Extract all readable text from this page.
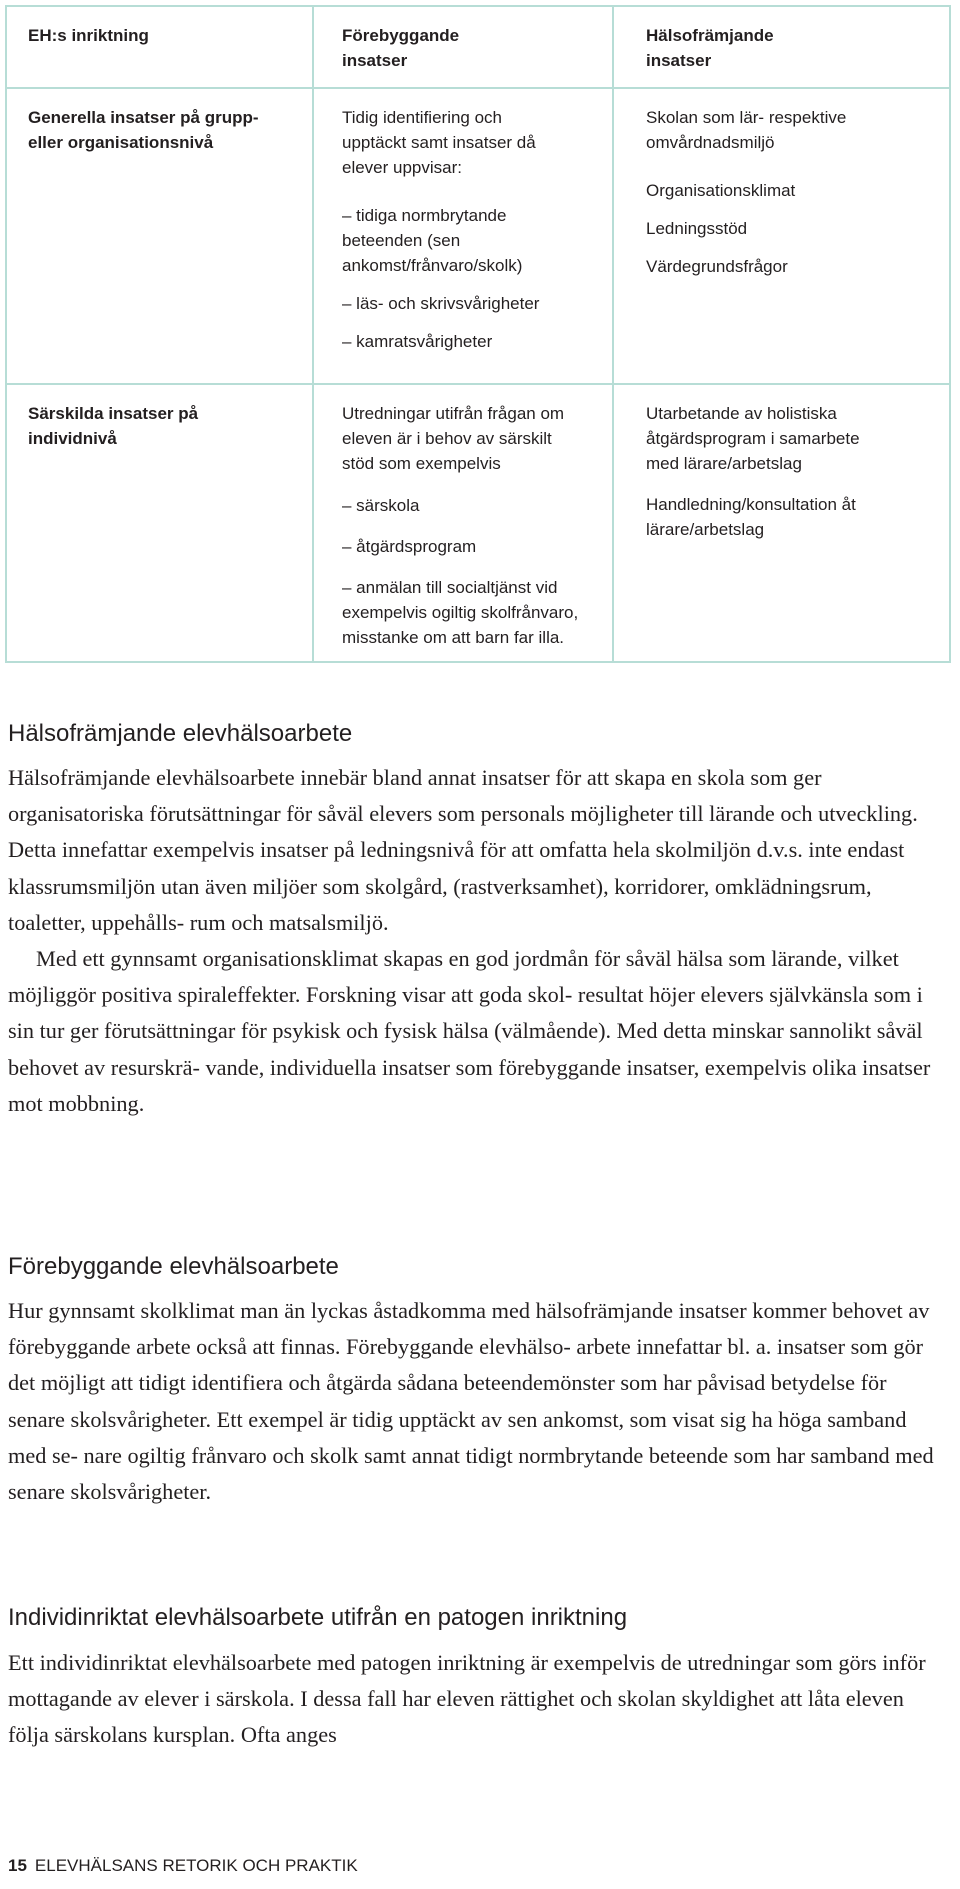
EH:s inriktning	Förebyggande insatser
Hälsofrämjande insatser
Generella insatser på grupp- eller organisationsnivå

Tidig identifiering och upptäckt samt insatser då elever uppvisar:

– tidiga normbrytande beteenden (sen ankomst/frånvaro/skolk)

– läs- och skrivsvårigheter

– kamratsvårigheter

Skolan som lär- respektive omvårdnadsmiljö

Organisationsklimat

Ledningsstöd

Värdegrundsfrågor

Särskilda insatser på individnivå

Utredningar utifrån frågan om eleven är i behov av särskilt stöd som exempelvis

– särskola

– åtgärdsprogram

– anmälan till socialtjänst vid exempelvis ogiltig skolfrånvaro, misstanke om att barn far illa.

Utarbetande av holistiska åtgärdsprogram i samarbete med lärare/arbetslag

Handledning/konsultation åt lärare/arbetslag

Hälsofrämjande elevhälsoarbete

Hälsofrämjande elevhälsoarbete innebär bland annat insatser för att skapa en skola som ger organisatoriska förutsättningar för såväl elevers som personals möjligheter till lärande och utveckling. Detta innefattar exempelvis insatser på ledningsnivå för att omfatta hela skolmiljön d.v.s. inte endast klassrumsmiljön utan även miljöer som skolgård, (rastverksamhet), korridorer, omklädningsrum, toaletter, uppehålls- rum och matsalsmiljö.

Med ett gynnsamt organisationsklimat skapas en god jordmån för såväl hälsa som lärande, vilket möjliggör positiva spiraleffekter. Forskning visar att goda skol- resultat höjer elevers självkänsla som i sin tur ger förutsättningar för psykisk och fysisk hälsa (välmående). Med detta minskar sannolikt såväl behovet av resurskrä- vande, individuella insatser som förebyggande insatser, exempelvis olika insatser mot mobbning.

Förebyggande elevhälsoarbete

Hur gynnsamt skolklimat man än lyckas åstadkomma med hälsofrämjande insatser kommer behovet av förebyggande arbete också att finnas. Förebyggande elevhälso- arbete innefattar bl. a. insatser som gör det möjligt att tidigt identifiera och åtgärda sådana beteendemönster som har påvisad betydelse för senare skolsvårigheter. Ett exempel är tidig upptäckt av sen ankomst, som visat sig ha höga samband med se- nare ogiltig frånvaro och skolk samt annat tidigt normbrytande beteende som har samband med senare skolsvårigheter.

Individinriktat elevhälsoarbete utifrån en patogen inriktning

Ett individinriktat elevhälsoarbete med patogen inriktning är exempelvis de utredningar som görs inför mottagande av elever i särskola. I dessa fall har eleven rättighet och skolan skyldighet att låta eleven följa särskolans kursplan. Ofta anges

15 ELEVHÄLSANS RETORIK OCH PRAKTIK
